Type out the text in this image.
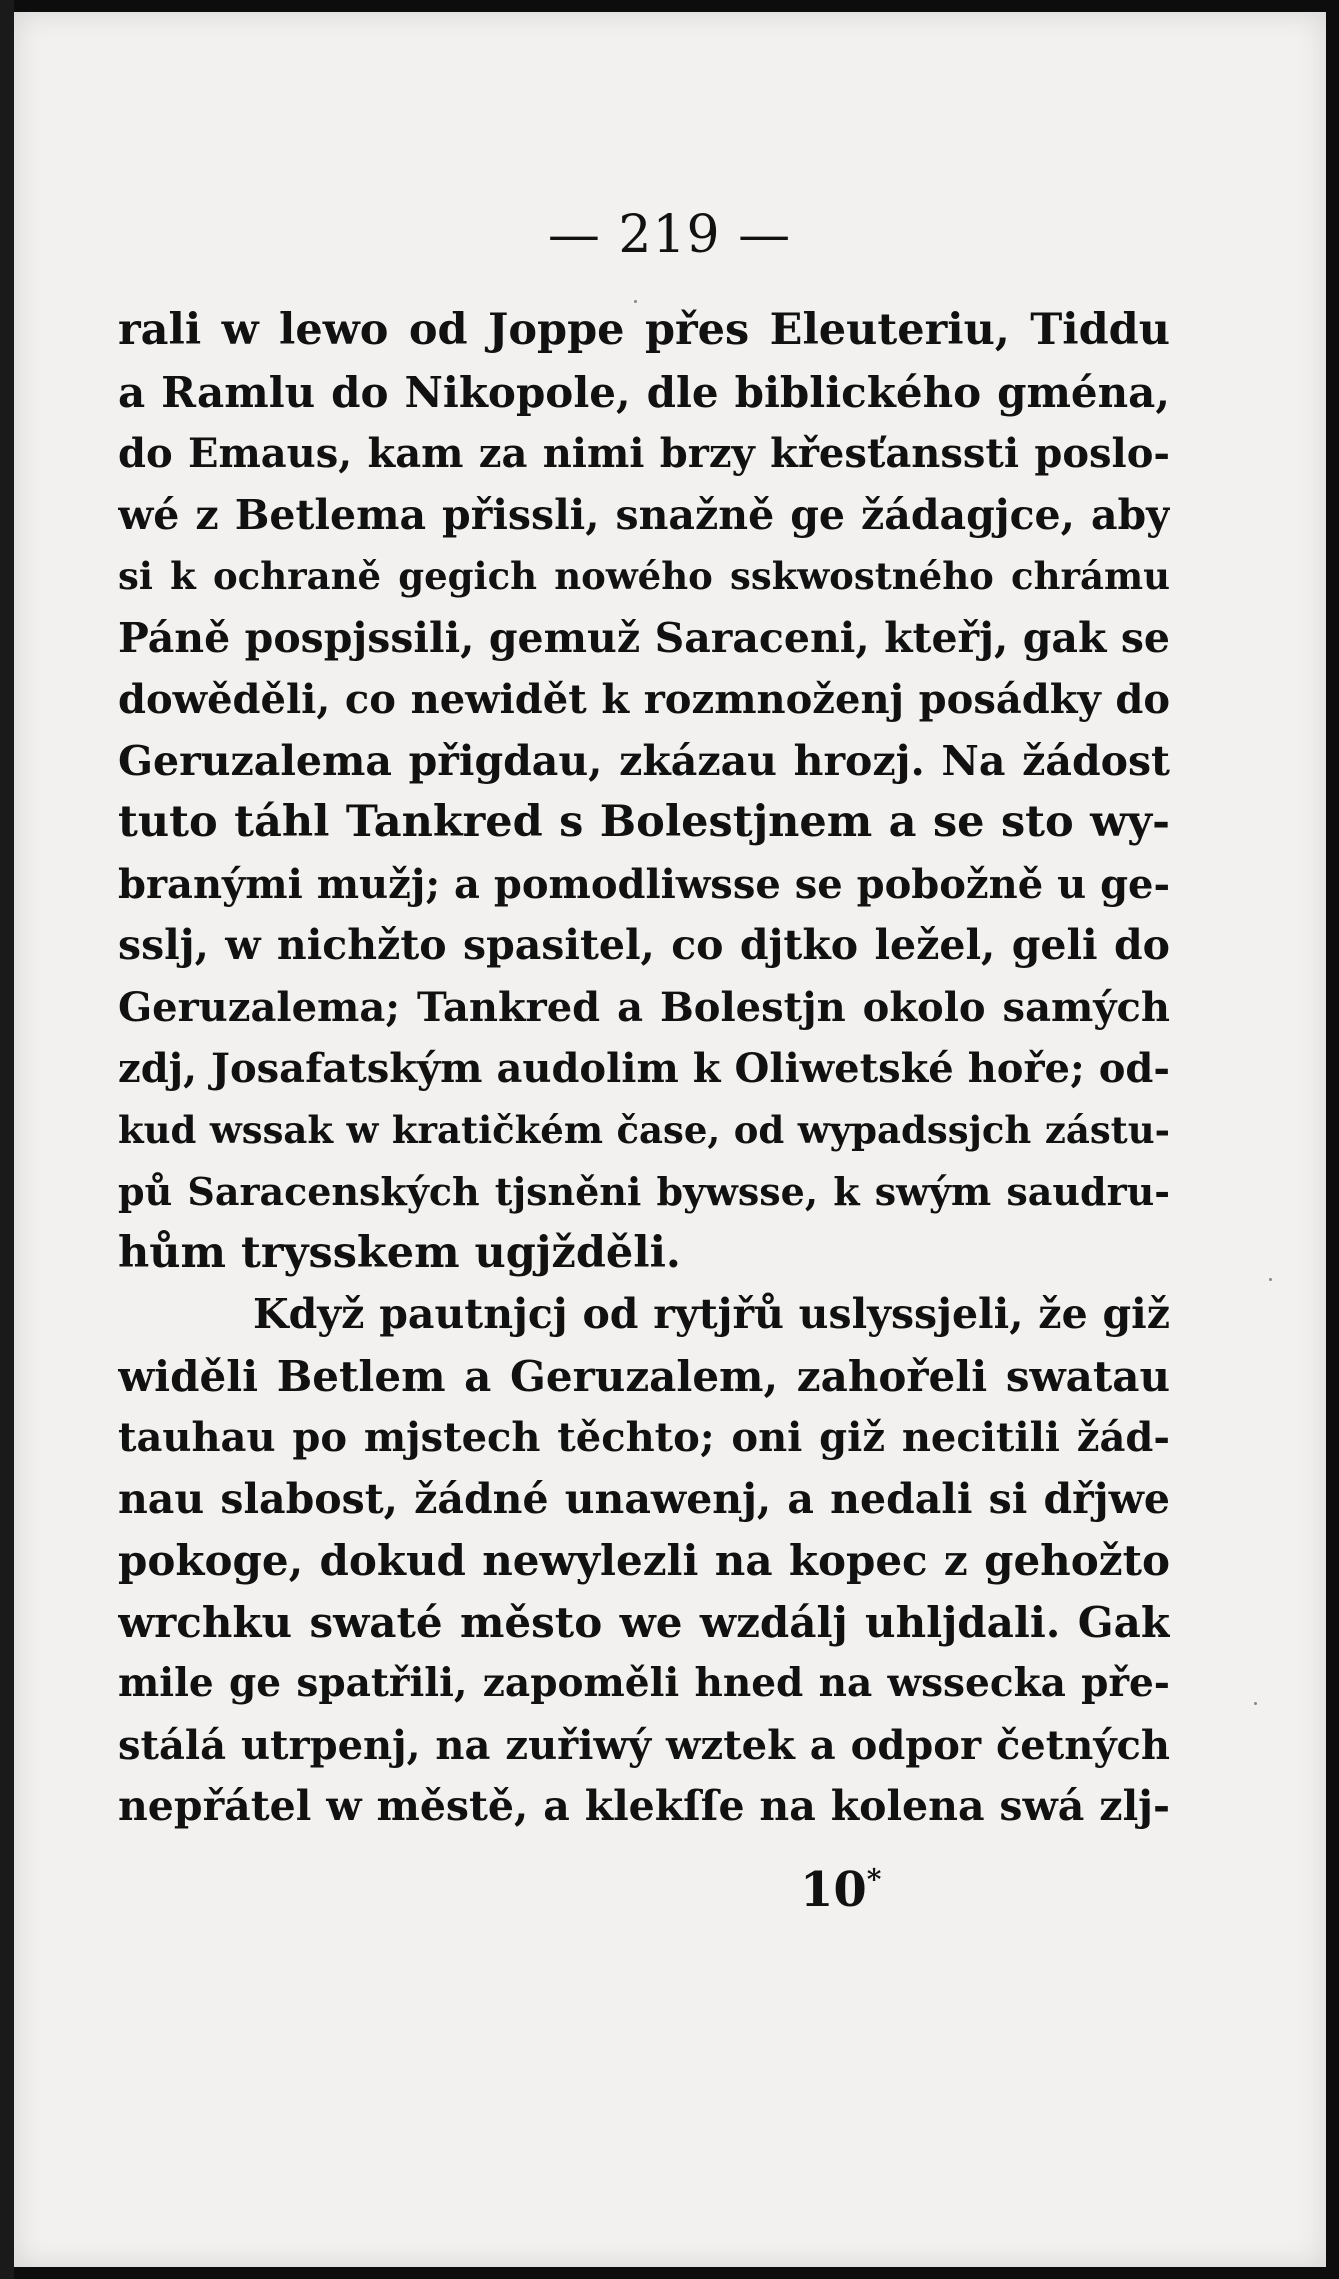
— 219 —
rali w lewo od Joppe přes Eleuteriu, Tiddu
a Ramlu do Nikopole, dle biblického gména,
do Emaus, kam za nimi brzy křesťanssti poslo-
wé z Betlema přissli, snažně ge žádagjce, aby
si k ochraně gegich nowého sskwostného chrámu
Páně pospjssili, gemuž Saraceni, kteřj, gak se
dowěděli, co newidět k rozmnoženj posádky do
Geruzalema přigdau, zkázau hrozj. Na žádost
tuto táhl Tankred s Bolestjnem a se sto wy-
branými mužj; a pomodliwsse se pobožně u ge-
sslj, w nichžto spasitel, co djtko ležel, geli do
Geruzalema; Tankred a Bolestjn okolo samých
zdj, Josafatským audolim k Oliwetské hoře; od-
kud wssak w kratičkém čase, od wypadssjch zástu-
pů Saracenských tjsněni bywsse, k swým saudru-
hům trysskem ugjžděli.
Když pautnjcj od rytjřů uslyssjeli, že giž
widěli Betlem a Geruzalem, zahořeli swatau
tauhau po mjstech těchto; oni giž necitili žád-
nau slabost, žádné unawenj, a nedali si dřjwe
pokoge, dokud newylezli na kopec z gehožto
wrchku swaté město we wzdálj uhljdali. Gak
mile ge spatřili, zapoměli hned na wssecka pře-
stálá utrpenj, na zuřiwý wztek a odpor četných
nepřátel w městě, a klekſſe na kolena swá zlj-
10*
